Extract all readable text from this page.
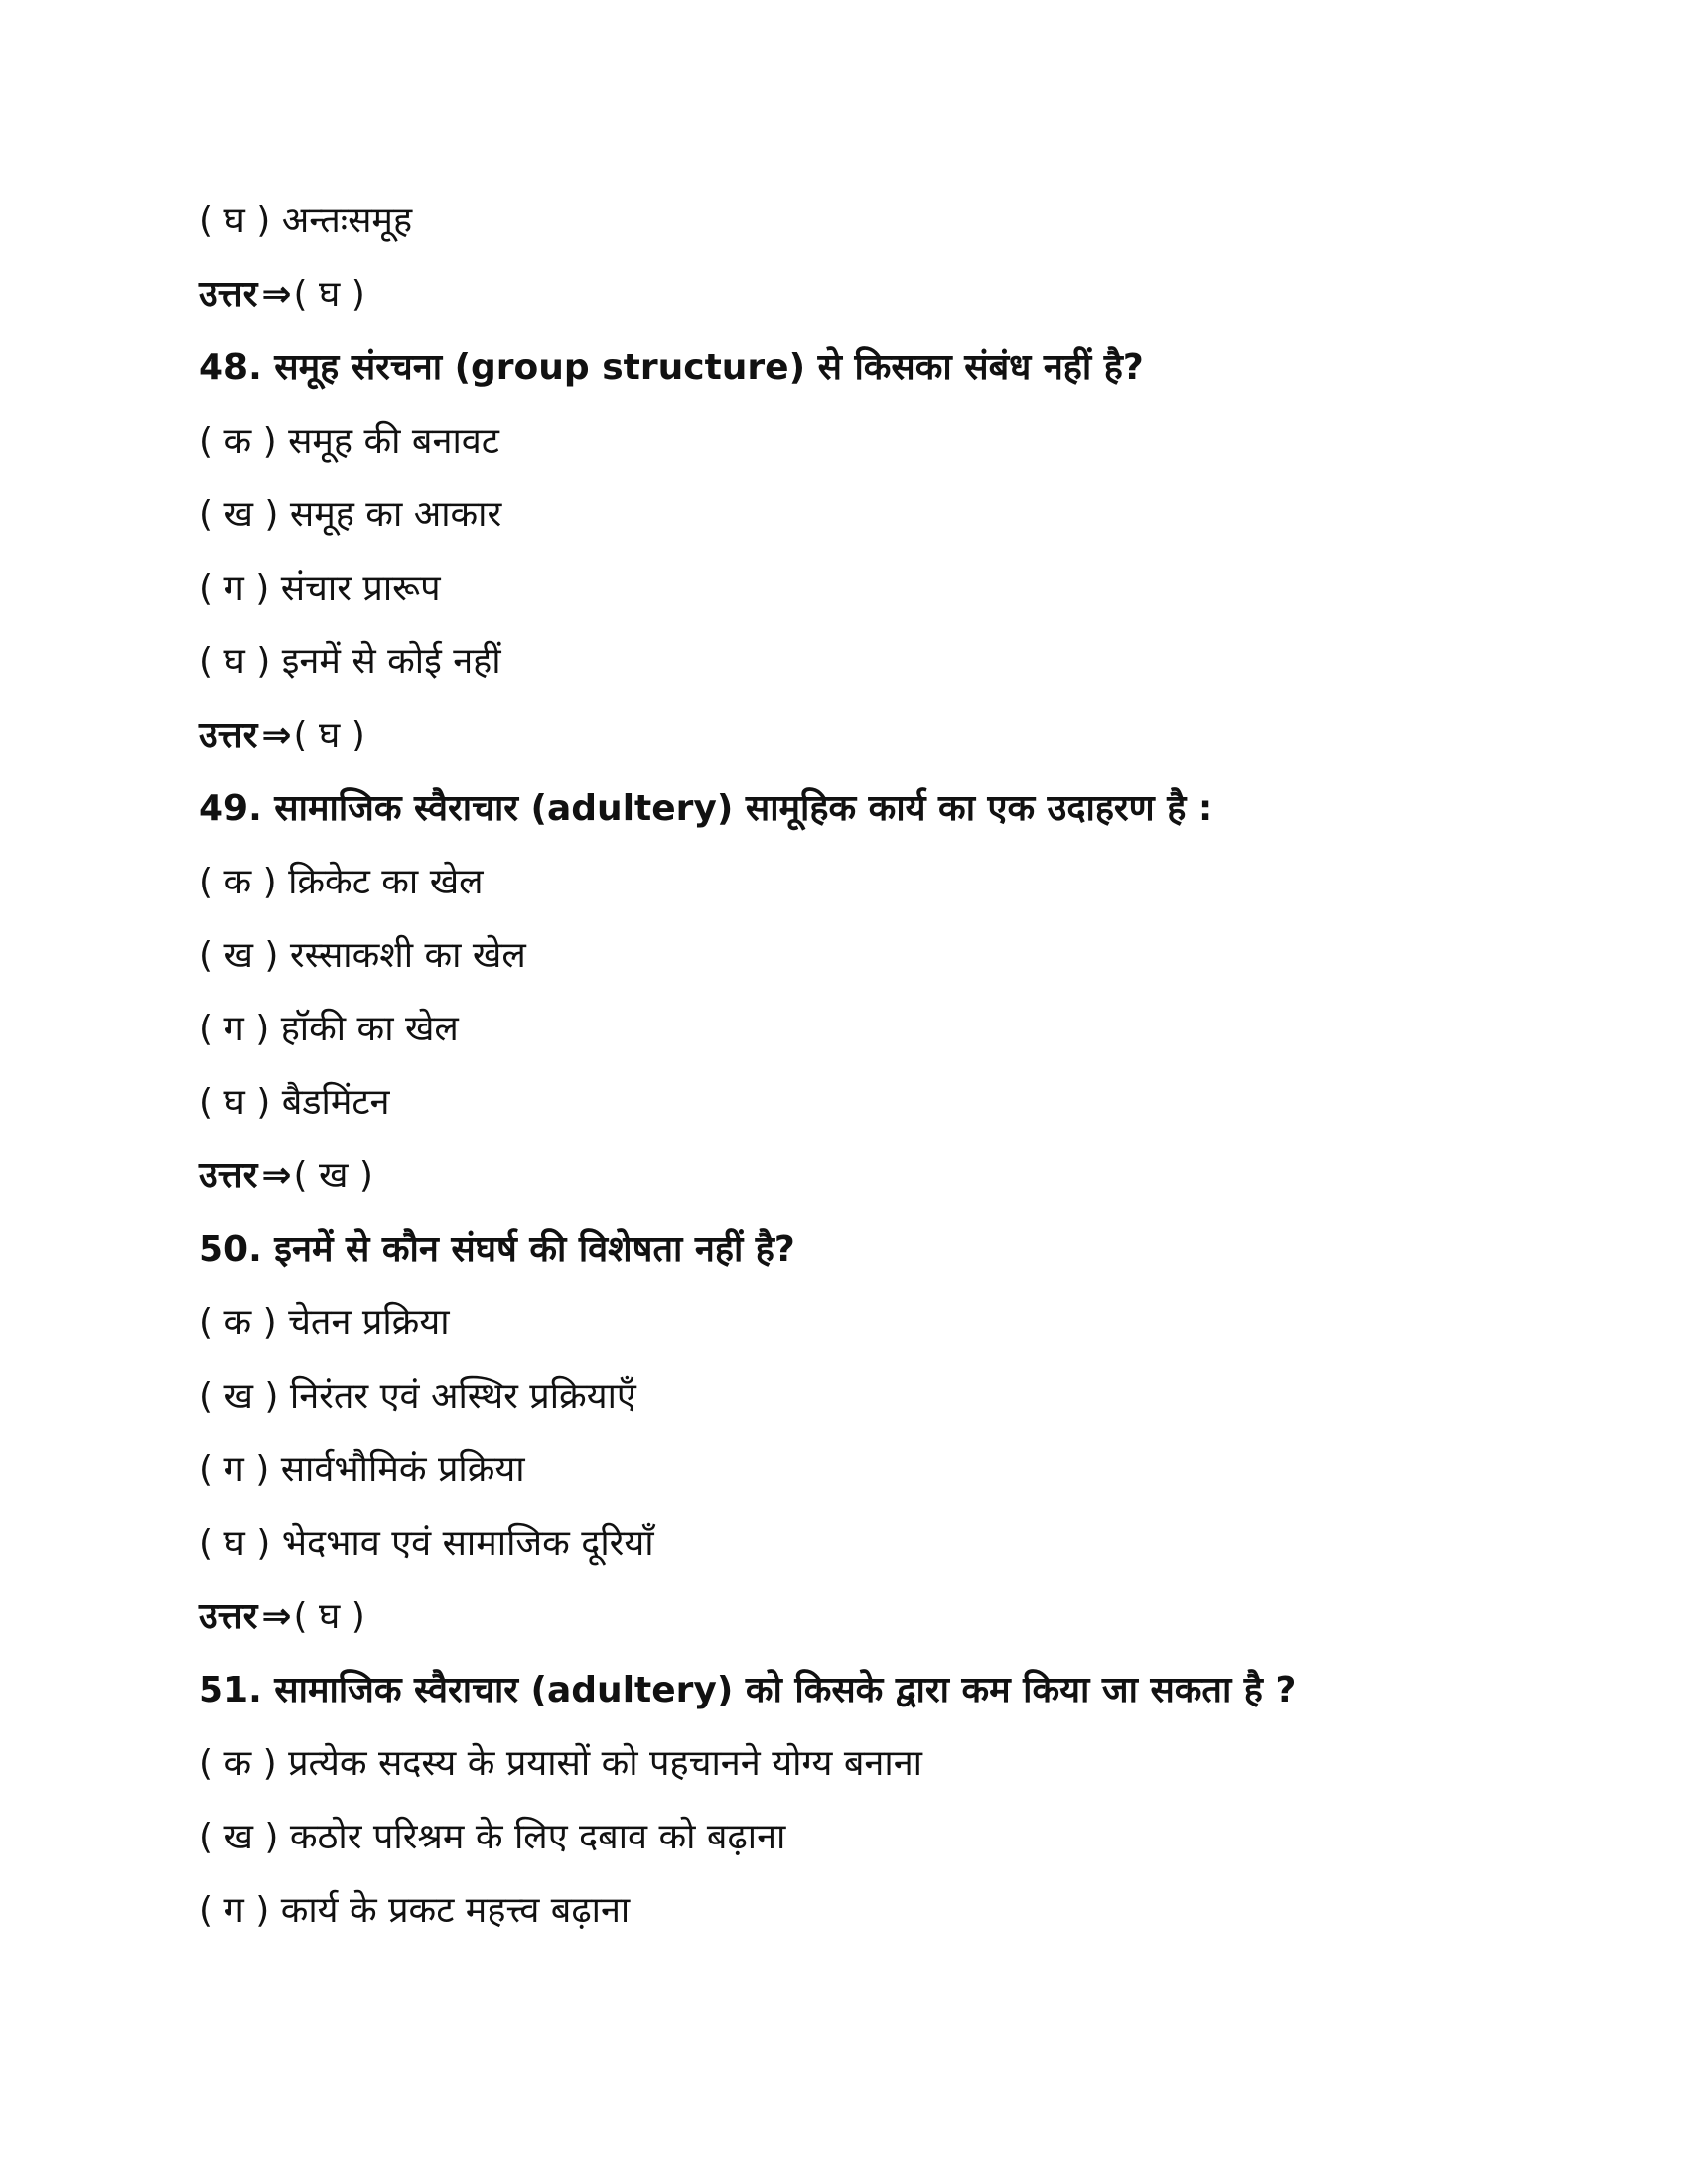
( घ ) अन्तःसमूह
उत्तर ⇒( घ )
48. समूह संरचना (group structure) से किसका संबंध नहीं है?
( क ) समूह की बनावट
( ख ) समूह का आकार
( ग ) संचार प्रारूप
( घ ) इनमें से कोई नहीं
उत्तर ⇒( घ )
49. सामाजिक स्वैराचार (adultery) सामूहिक कार्य का एक उदाहरण है :
( क ) क्रिकेट का खेल
( ख ) रस्साकशी का खेल
( ग ) हॉकी का खेल
( घ ) बैडमिंटन
उत्तर ⇒( ख )
50. इनमें से कौन संघर्ष की विशेषता नहीं है?
( क ) चेतन प्रक्रिया
( ख ) निरंतर एवं अस्थिर प्रक्रियाएँ
( ग ) सार्वभौमिकं प्रक्रिया
( घ ) भेदभाव एवं सामाजिक दूरियाँ
उत्तर ⇒( घ )
51. सामाजिक स्वैराचार (adultery) को किसके द्वारा कम किया जा सकता है ?
( क ) प्रत्येक सदस्य के प्रयासों को पहचानने योग्य बनाना
( ख ) कठोर परिश्रम के लिए दबाव को बढ़ाना
( ग ) कार्य के प्रकट महत्त्व बढ़ाना
